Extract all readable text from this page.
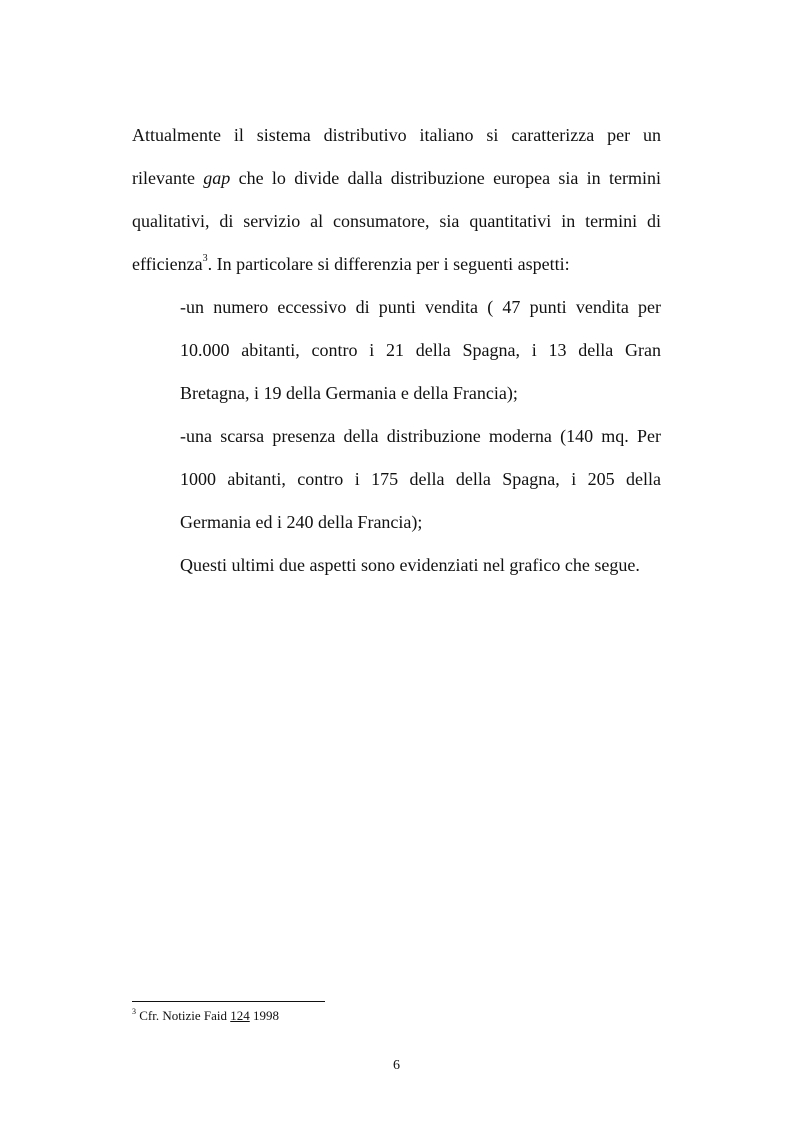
Attualmente il sistema distributivo italiano si caratterizza per un rilevante gap che lo divide dalla distribuzione europea sia in termini qualitativi, di servizio al consumatore, sia quantitativi in termini di efficienza$^3$. In particolare si differenzia per i seguenti aspetti:

-un numero eccessivo di punti vendita ( 47 punti vendita per 10.000 abitanti, contro i 21 della Spagna, i 13 della Gran Bretagna, i 19 della Germania e della Francia);

-una scarsa presenza della distribuzione moderna (140 mq. Per 1000 abitanti, contro i 175 della della Spagna, i 205 della Germania ed i 240 della Francia);

Questi ultimi due aspetti sono evidenziati nel grafico che segue.

$^3$ Cfr. Notizie Faid 124 1998
6
